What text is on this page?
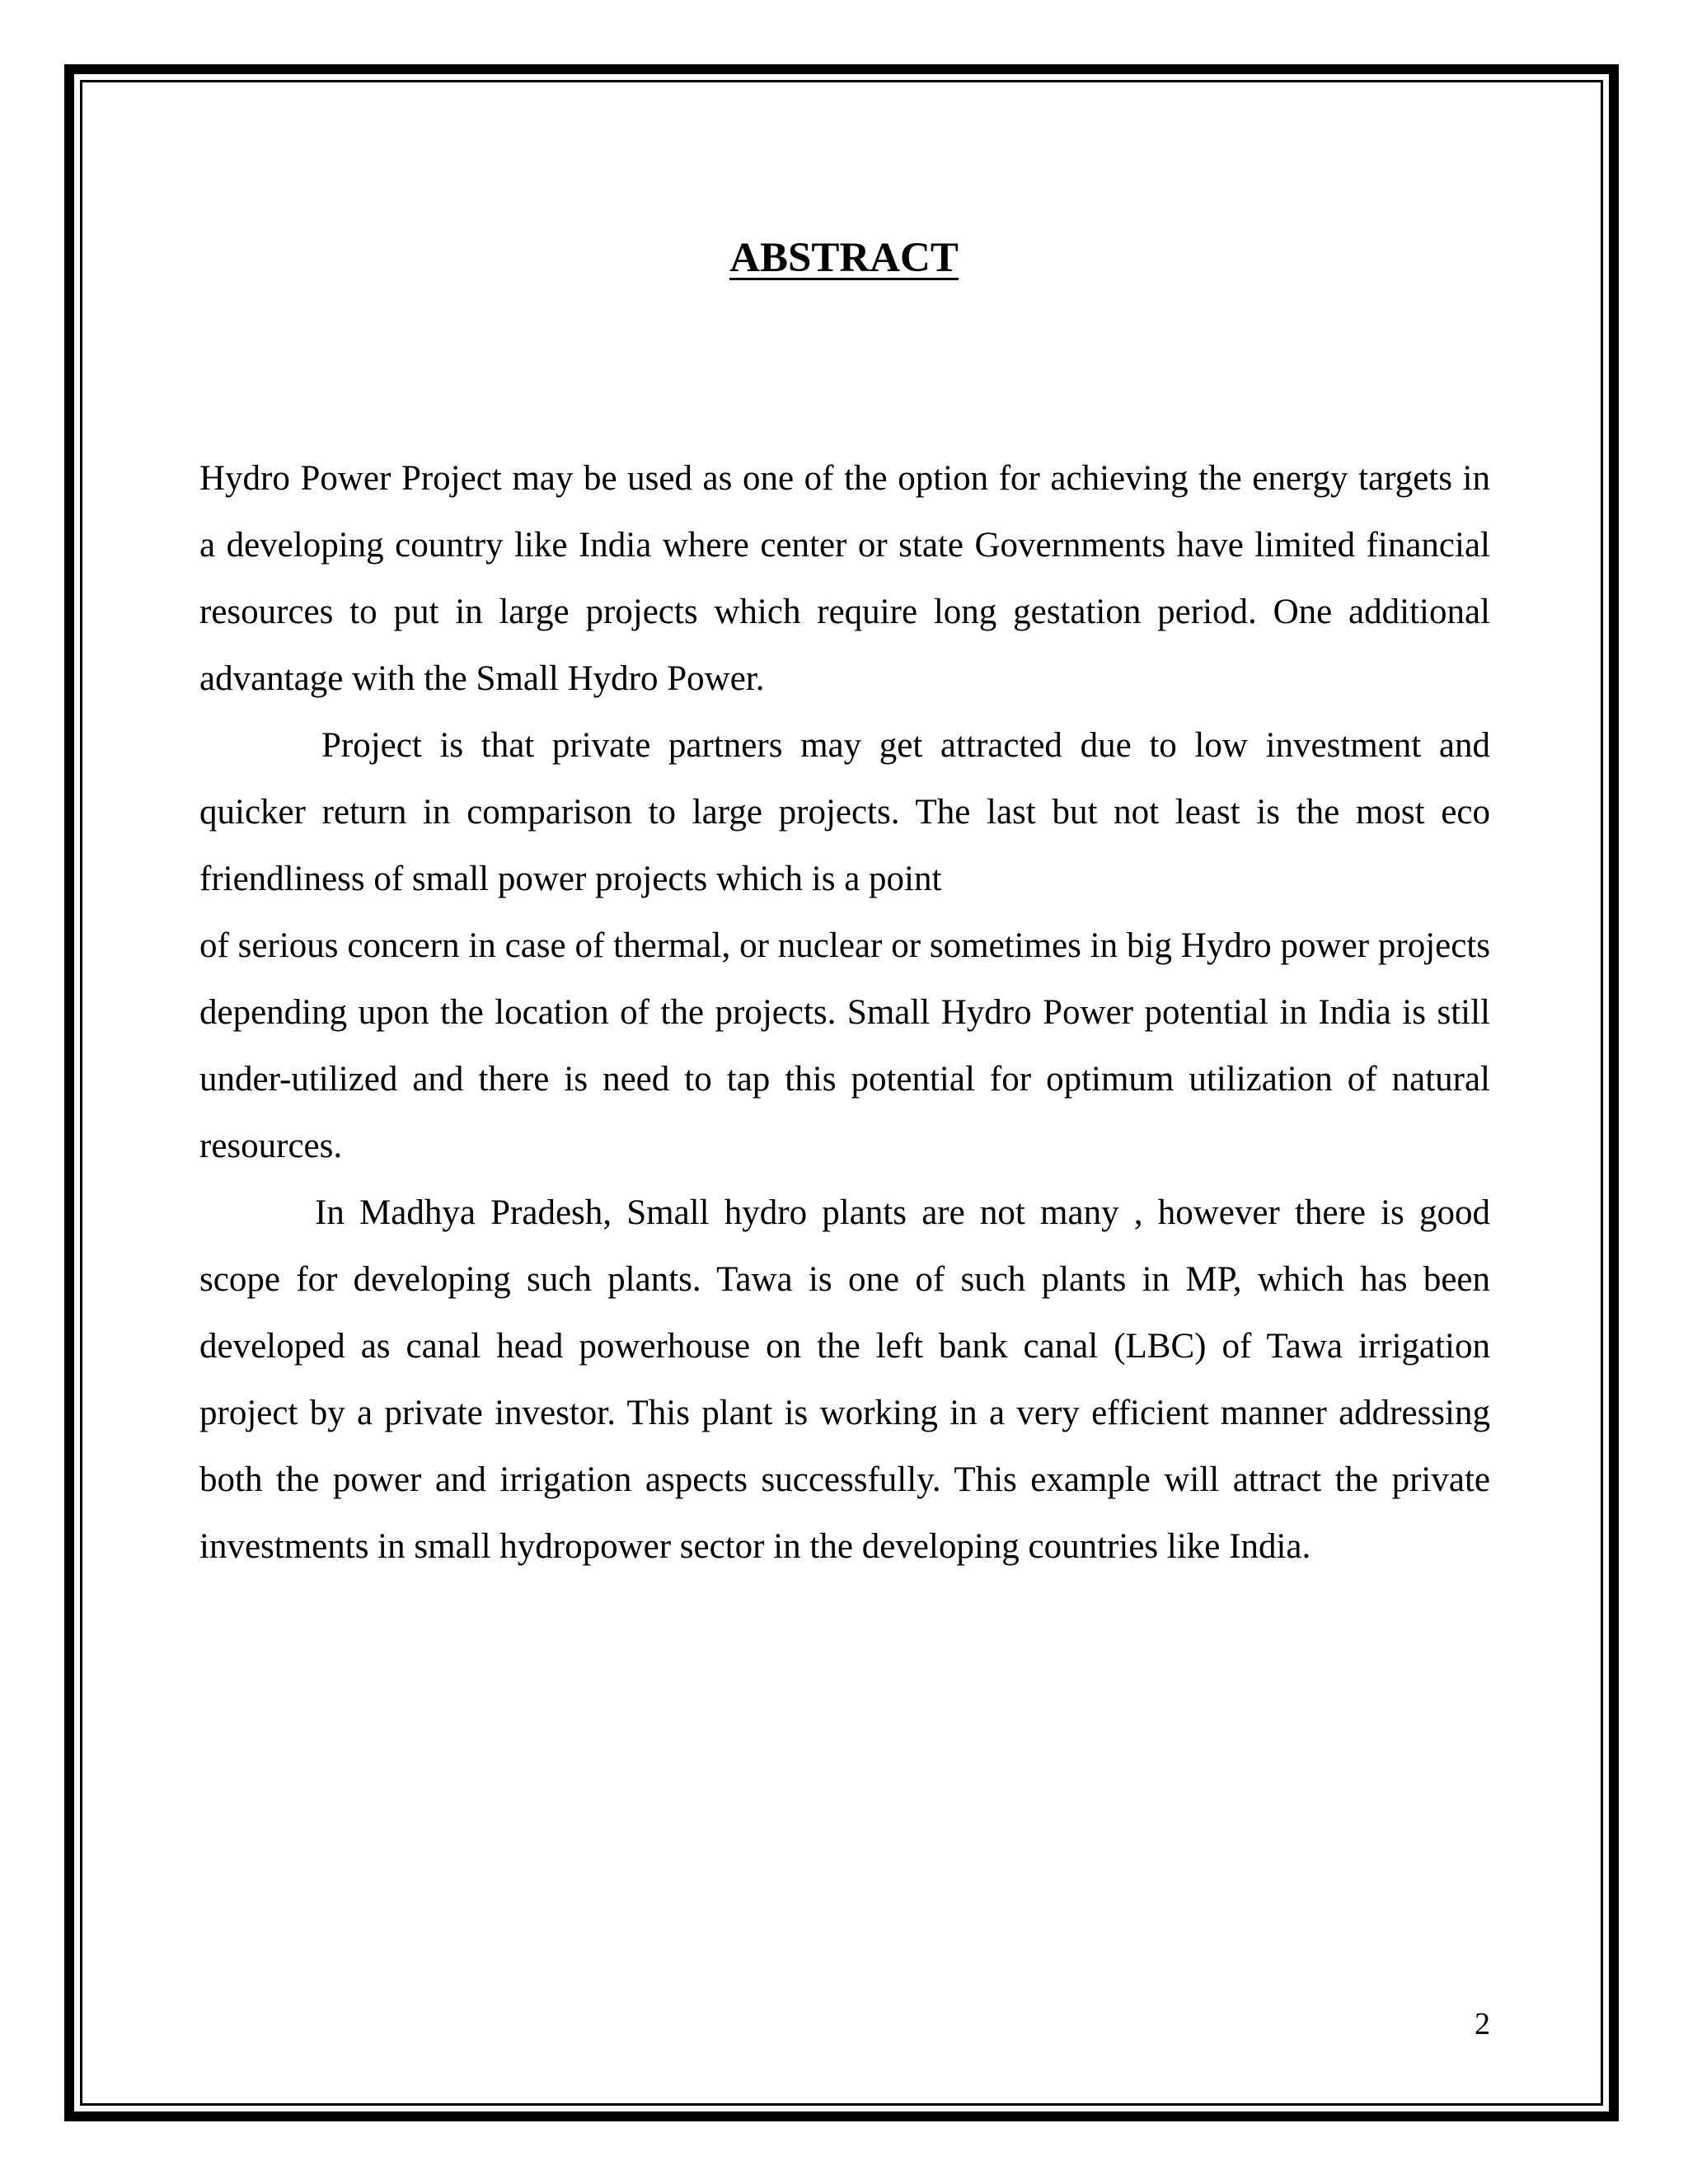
ABSTRACT

Hydro Power Project may be used as one of the option for achieving the energy targets in a developing country like India where center or state Governments have limited financial resources to put in large projects which require long gestation period. One additional advantage with the Small Hydro Power.

Project is that private partners may get attracted due to low investment and quicker return in comparison to large projects. The last but not least is the most eco friendliness of small power projects which is a point

of serious concern in case of thermal, or nuclear or sometimes in big Hydro power projects depending upon the location of the projects. Small Hydro Power potential in India is still under-utilized and there is need to tap this potential for optimum utilization of natural resources.

In Madhya Pradesh, Small hydro plants are not many , however there is good scope for developing such plants. Tawa is one of such plants in MP, which has been developed as canal head powerhouse on the left bank canal (LBC) of Tawa irrigation project by a private investor. This plant is working in a very efficient manner addressing both the power and irrigation aspects successfully. This example will attract the private investments in small hydropower sector in the developing countries like India.

2
